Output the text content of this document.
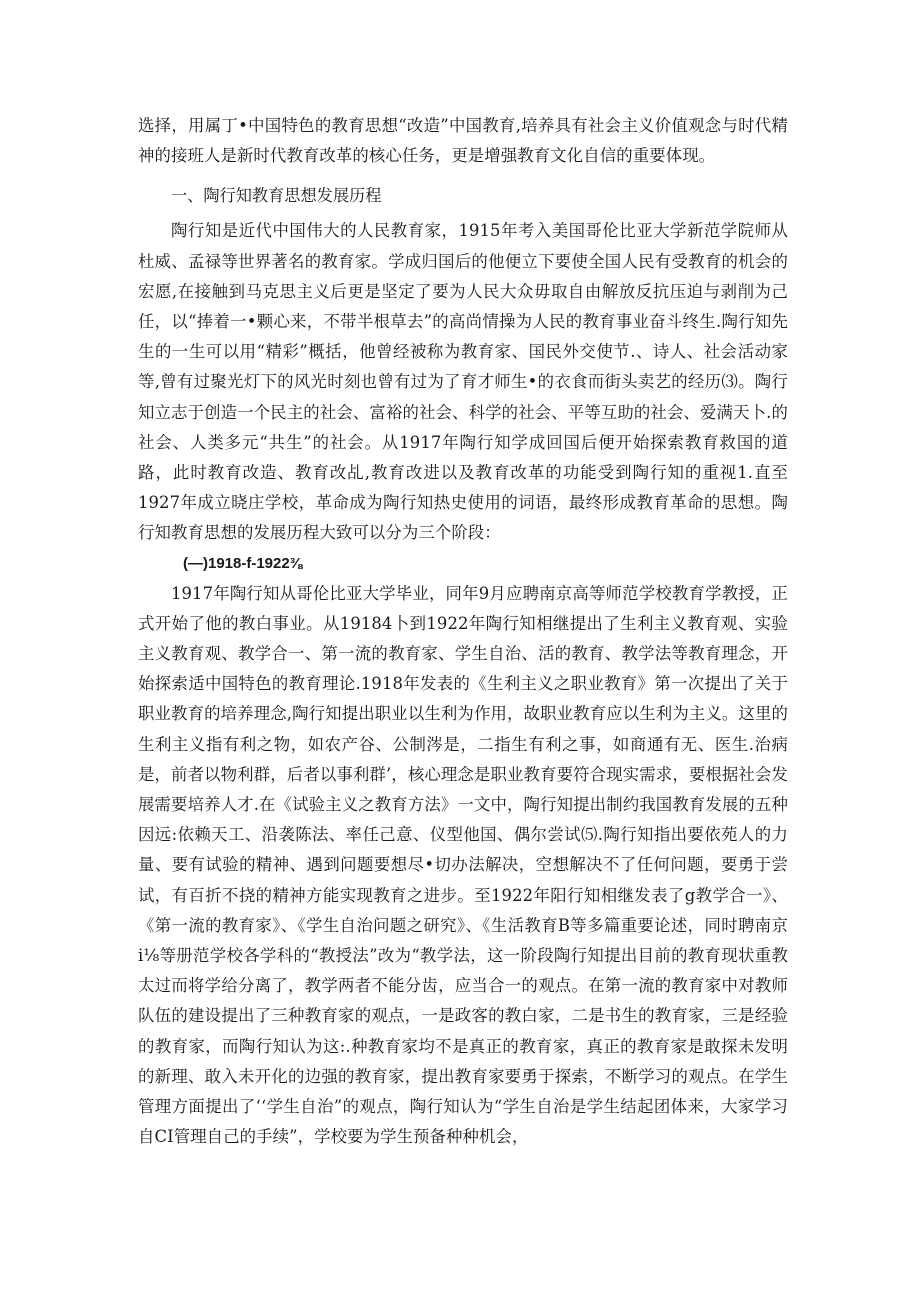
选择，用属丁•中国特色的教育思想“改造”中国教育,培养具有社会主义价值观念与时代精神的接班人是新时代教育改革的核心任务，更是增强教育文化自信的重要体现。

一、陶行知教育思想发展历程

陶行知是近代中国伟大的人民教育家，1915年考入美国哥伦比亚大学新范学院师从杜威、孟禄等世界著名的教育家。学成归国后的他便立下要使全国人民有受教育的机会的宏愿,在接触到马克思主义后更是坚定了要为人民大众毋取自由解放反抗压迫与剥削为己任，以“捧着一•颗心来，不带半根草去”的高尚情操为人民的教育事业奋斗终生.陶行知先生的一生可以用“精彩”概括，他曾经被称为教育家、国民外交使节.、诗人、社会活动家等,曾有过聚光灯下的风光时刻也曾有过为了育才师生•的衣食而街头卖艺的经历⑶。陶行知立志于创造一个民主的社会、富裕的社会、科学的社会、平等互助的社会、爱满天卜.的社会、人类多元“共生”的社会。从1917年陶行知学成回国后便开始探索教育救国的道路，此时教育改造、教育改乩,教育改进以及教育改革的功能受到陶行知的重视1.直至1927年成立晓庄学校，革命成为陶行知热史使用的词语，最终形成教育革命的思想。陶行知教育思想的发展历程大致可以分为三个阶段：

(—)1918-f-1922⅜

1917年陶行知从哥伦比亚大学毕业，同年9月应聘南京高等师范学校教育学教授，正式开始了他的教白事业。从19184卜到1922年陶行知相继提出了生利主义教育观、实验主义教育观、教学合一、第一流的教育家、学生自治、活的教育、教学法等教育理念，开始探索适中国特色的教育理论.1918年发表的《生利主义之职业教育》第一次提出了关于职业教育的培养理念,陶行知提出职业以生利为作用，故职业教育应以生利为主义。这里的生利主义指有利之物，如农产谷、公制涔是，二指生有利之事，如商通有无、医生.治病是，前者以物利群，后者以事利群’，核心理念是职业教育要符合现实需求，要根据社会发展需要培养人才.在《试验主义之教育方法》一文中，陶行知提出制约我国教育发展的五种因远:依赖天工、沿袭陈法、率任己意、仪型他国、偶尔尝试⑸.陶行知指出要依苑人的力量、要有试验的精神、遇到问题要想尽•切办法解决，空想解决不了任何问题，要勇于尝试，有百折不挠的精神方能实现教育之进步。至1922年阳行知相继发表了g教学合一》、《第一流的教育家》、《学生自治问题之研究》、《生活教育B等多篇重要论述，同时聘南京i⅛等册范学校各学科的“教授法”改为“教学法，这一阶段陶行知提出目前的教育现状重教太过而将学给分离了，教学两者不能分齿，应当合一的观点。在第一流的教育家中对教师队伍的建设提出了三种教育家的观点，一是政客的教白家，二是书生的教育家，三是经验的教育家，而陶行知认为这:.种教育家均不是真正的教育家，真正的教育家是敢探未发明的新理、敢入未开化的边强的教育家，提出教育家要勇于探索，不断学习的观点。在学生管理方面提出了‘‘学生自治”的观点，陶行知认为“学生自治是学生结起团体来，大家学习自CI管理自己的手续”，学校要为学生预备种种机会，
